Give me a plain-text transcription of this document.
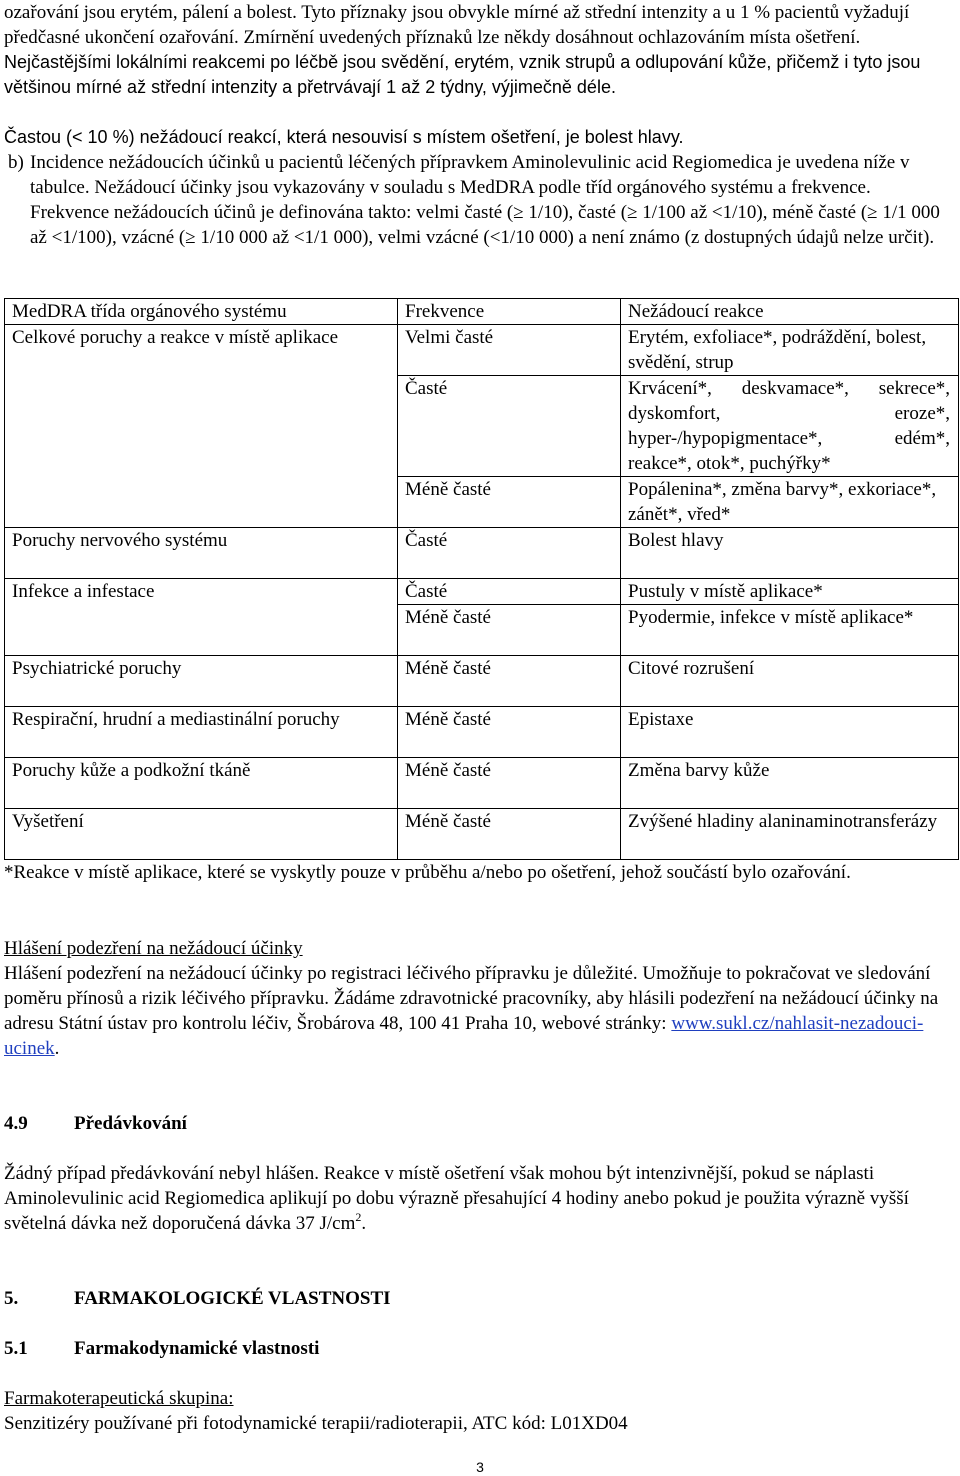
ozařování jsou erytém, pálení a bolest. Tyto příznaky jsou obvykle mírné až střední intenzity a u 1 % pacientů vyžadují předčasné ukončení ozařování. Zmírnění uvedených příznaků lze někdy dosáhnout ochlazováním místa ošetření. Nejčastějšími lokálními reakcemi po léčbě jsou svědění, erytém, vznik strupů a odlupování kůže, přičemž i tyto jsou většinou mírné až střední intenzity a přetrvávají 1 až 2 týdny, výjimečně déle.

Častou (< 10 %) nežádoucí reakcí, která nesouvisí s místem ošetření, je bolest hlavy.

b) Incidence nežádoucích účinků u pacientů léčených přípravkem Aminolevulinic acid Regiomedica je uvedena níže v tabulce. Nežádoucí účinky jsou vykazovány v souladu s MedDRA podle tříd orgánového systému a frekvence. Frekvence nežádoucích účinů je definována takto: velmi časté (≥ 1/10), časté (≥ 1/100 až <1/10), méně časté (≥ 1/1 000 až <1/100), vzácné (≥ 1/10 000 až <1/1 000), velmi vzácné (<1/10 000) a není známo (z dostupných údajů nelze určit).
MedDRA třída orgánového systému	Frekvence	Nežádoucí reakce
Celkové poruchy a reakce v místě aplikace	Velmi časté	Erytém, exfoliace*, podráždění, bolest, svědění, strup
	Časté	Krvácení*, deskvamace*, sekrece*, dyskomfort, eroze*, hyper-/hypopigmentace*, edém*, reakce*, otok*, puchýřky*
	Méně časté	Popálenina*, změna barvy*, exkoriace*, zánět*, vřed*
Poruchy nervového systému	Časté	Bolest hlavy
Infekce a infestace	Časté	Pustuly v místě aplikace*
	Méně časté	Pyodermie, infekce v místě aplikace*
Psychiatrické poruchy	Méně časté	Citové rozrušení
Respirační, hrudní a mediastinální poruchy	Méně časté	Epistaxe
Poruchy kůže a podkožní tkáně	Méně časté	Změna barvy kůže
Vyšetření	Méně časté	Zvýšené hladiny alaninaminotransferázy

*Reakce v místě aplikace, které se vyskytly pouze v průběhu a/nebo po ošetření, jehož součástí bylo ozařování.

Hlášení podezření na nežádoucí účinky

Hlášení podezření na nežádoucí účinky po registraci léčivého přípravku je důležité. Umožňuje to pokračovat ve sledování poměru přínosů a rizik léčivého přípravku. Žádáme zdravotnické pracovníky, aby hlásili podezření na nežádoucí účinky na adresu Státní ústav pro kontrolu léčiv, Šrobárova 48, 100 41 Praha 10, webové stránky: www.sukl.cz/nahlasit-nezadouci-ucinek.

4.9 Předávkování

Žádný případ předávkování nebyl hlášen. Reakce v místě ošetření však mohou být intenzivnější, pokud se náplasti Aminolevulinic acid Regiomedica aplikují po dobu výrazně přesahující 4 hodiny anebo pokud je použita výrazně vyšší světelná dávka než doporučená dávka 37 $J/cm^2$.

5.	FARMAKOLOGICKÉ VLASTNOSTI

5.1 Farmakodynamické vlastnosti

Farmakoterapeutická skupina:

Senzitizéry používané při fotodynamické terapii/radioterapii, ATC kód: L01XD04

3
